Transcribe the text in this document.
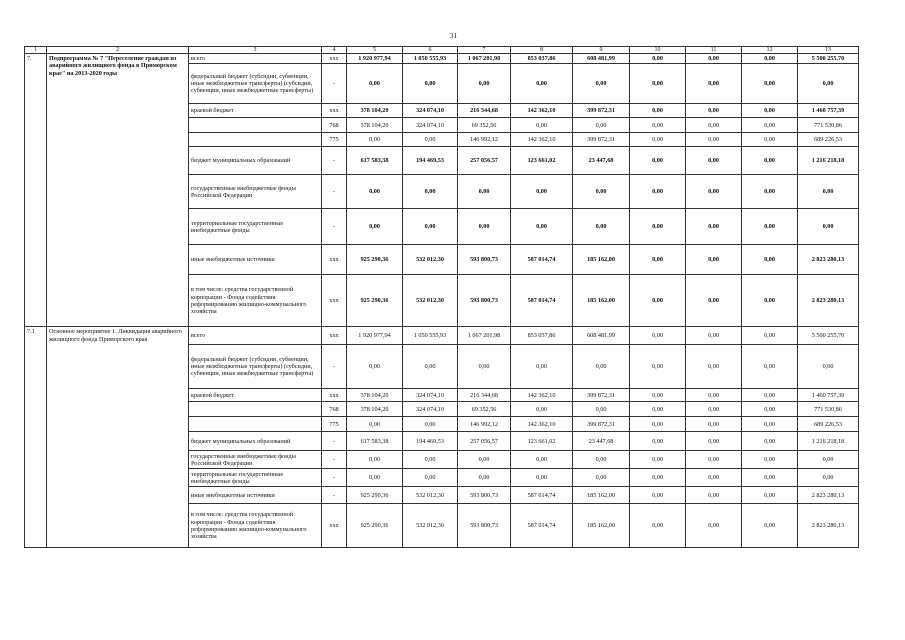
31
1	2	3	4	5	6	7	8	9	10	11	12	13
7.	Подпрограмма № 7 "Переселение граждан из аварийного жилищного фонда в Приморском крае" на 2013-2020 годы	всего	ххх	1 920 977,94	1 050 555,93	1 067 201,98	853 037,86	608 481,99	0,00	0,00	0,00	5 500 255,70
		федеральный бюджет (субсидии, субвенции, иные межбюджетные трансферты) (субсидии, субвенции, иные межбюджетные трансферты)	-	0,00	0,00	0,00	0,00	0,00	0,00	0,00	0,00	0,00
		краевой бюджет	ххх	378 104,20	324 074,10	216 344,68	142 362,10	399 872,31	0,00	0,00	0,00	1 460 757,39
			768	378 104,20	324 074,10	69 352,56	0,00	0,00	0,00	0,00	0,00	771 530,86
			775	0,00	0,00	146 992,12	142 362,10	399 872,31	0,00	0,00	0,00	689 226,53
		бюджет муниципальных образований	-	617 583,38	194 469,53	257 056,57	123 661,02	23 447,68	0,00	0,00	0,00	1 216 218,18
		государственные внебюджетные фонды Российской Федерации	-	0,00	0,00	0,00	0,00	0,00	0,00	0,00	0,00	0,00
		территориальные государственные внебюджетные фонды	-	0,00	0,00	0,00	0,00	0,00	0,00	0,00	0,00	0,00
		иные внебюджетные источники	ххх	925 290,36	532 012,30	593 800,73	587 014,74	185 162,00	0,00	0,00	0,00	2 823 280,13
		в том числе: средства государственной корпорации - Фонда содействия реформированию жилищно-коммунального хозяйства	ххх	925 290,36	532 012,30	593 800,73	587 014,74	185 162,00	0,00	0,00	0,00	2 823 280,13
7.1	Основное мероприятие 1. Ликвидация аварийного жилищного фонда Приморского края	всего	ххх	1 920 977,94	1 050 555,93	1 067 201,98	853 037,86	608 481,99	0,00	0,00	0,00	5 500 255,70
		федеральный бюджет (субсидии, субвенции, иные межбюджетные трансферты) (субсидии, субвенции, иные межбюджетные трансферты)	-	0,00	0,00	0,00	0,00	0,00	0,00	0,00	0,00	0,00
		краевой бюджет	ххх	378 104,20	324 074,10	216 344,68	142 362,10	399 872,31	0,00	0,00	0,00	1 460 757,39
			768	378 104,20	324 074,10	69 352,56	0,00	0,00	0,00	0,00	0,00	771 530,86
			775	0,00	0,00	146 992,12	142 362,10	399 872,31	0,00	0,00	0,00	689 226,53
		бюджет муниципальных образований	-	617 583,38	194 469,53	257 056,57	123 661,02	23 447,68	0,00	0,00	0,00	1 216 218,18
		государственные внебюджетные фонды Российской Федерации	-	0,00	0,00	0,00	0,00	0,00	0,00	0,00	0,00	0,00
		территориальные государственные внебюджетные фонды	-	0,00	0,00	0,00	0,00	0,00	0,00	0,00	0,00	0,00
		иные внебюджетные источники	-	925 290,36	532 012,30	593 800,73	587 014,74	185 162,00	0,00	0,00	0,00	2 823 280,13
		в том числе: средства государственной корпорации - Фонда содействия реформированию жилищно-коммунального хозяйства	ххх	925 290,36	532 012,30	593 800,73	587 014,74	185 162,00	0,00	0,00	0,00	2 823 280,13
